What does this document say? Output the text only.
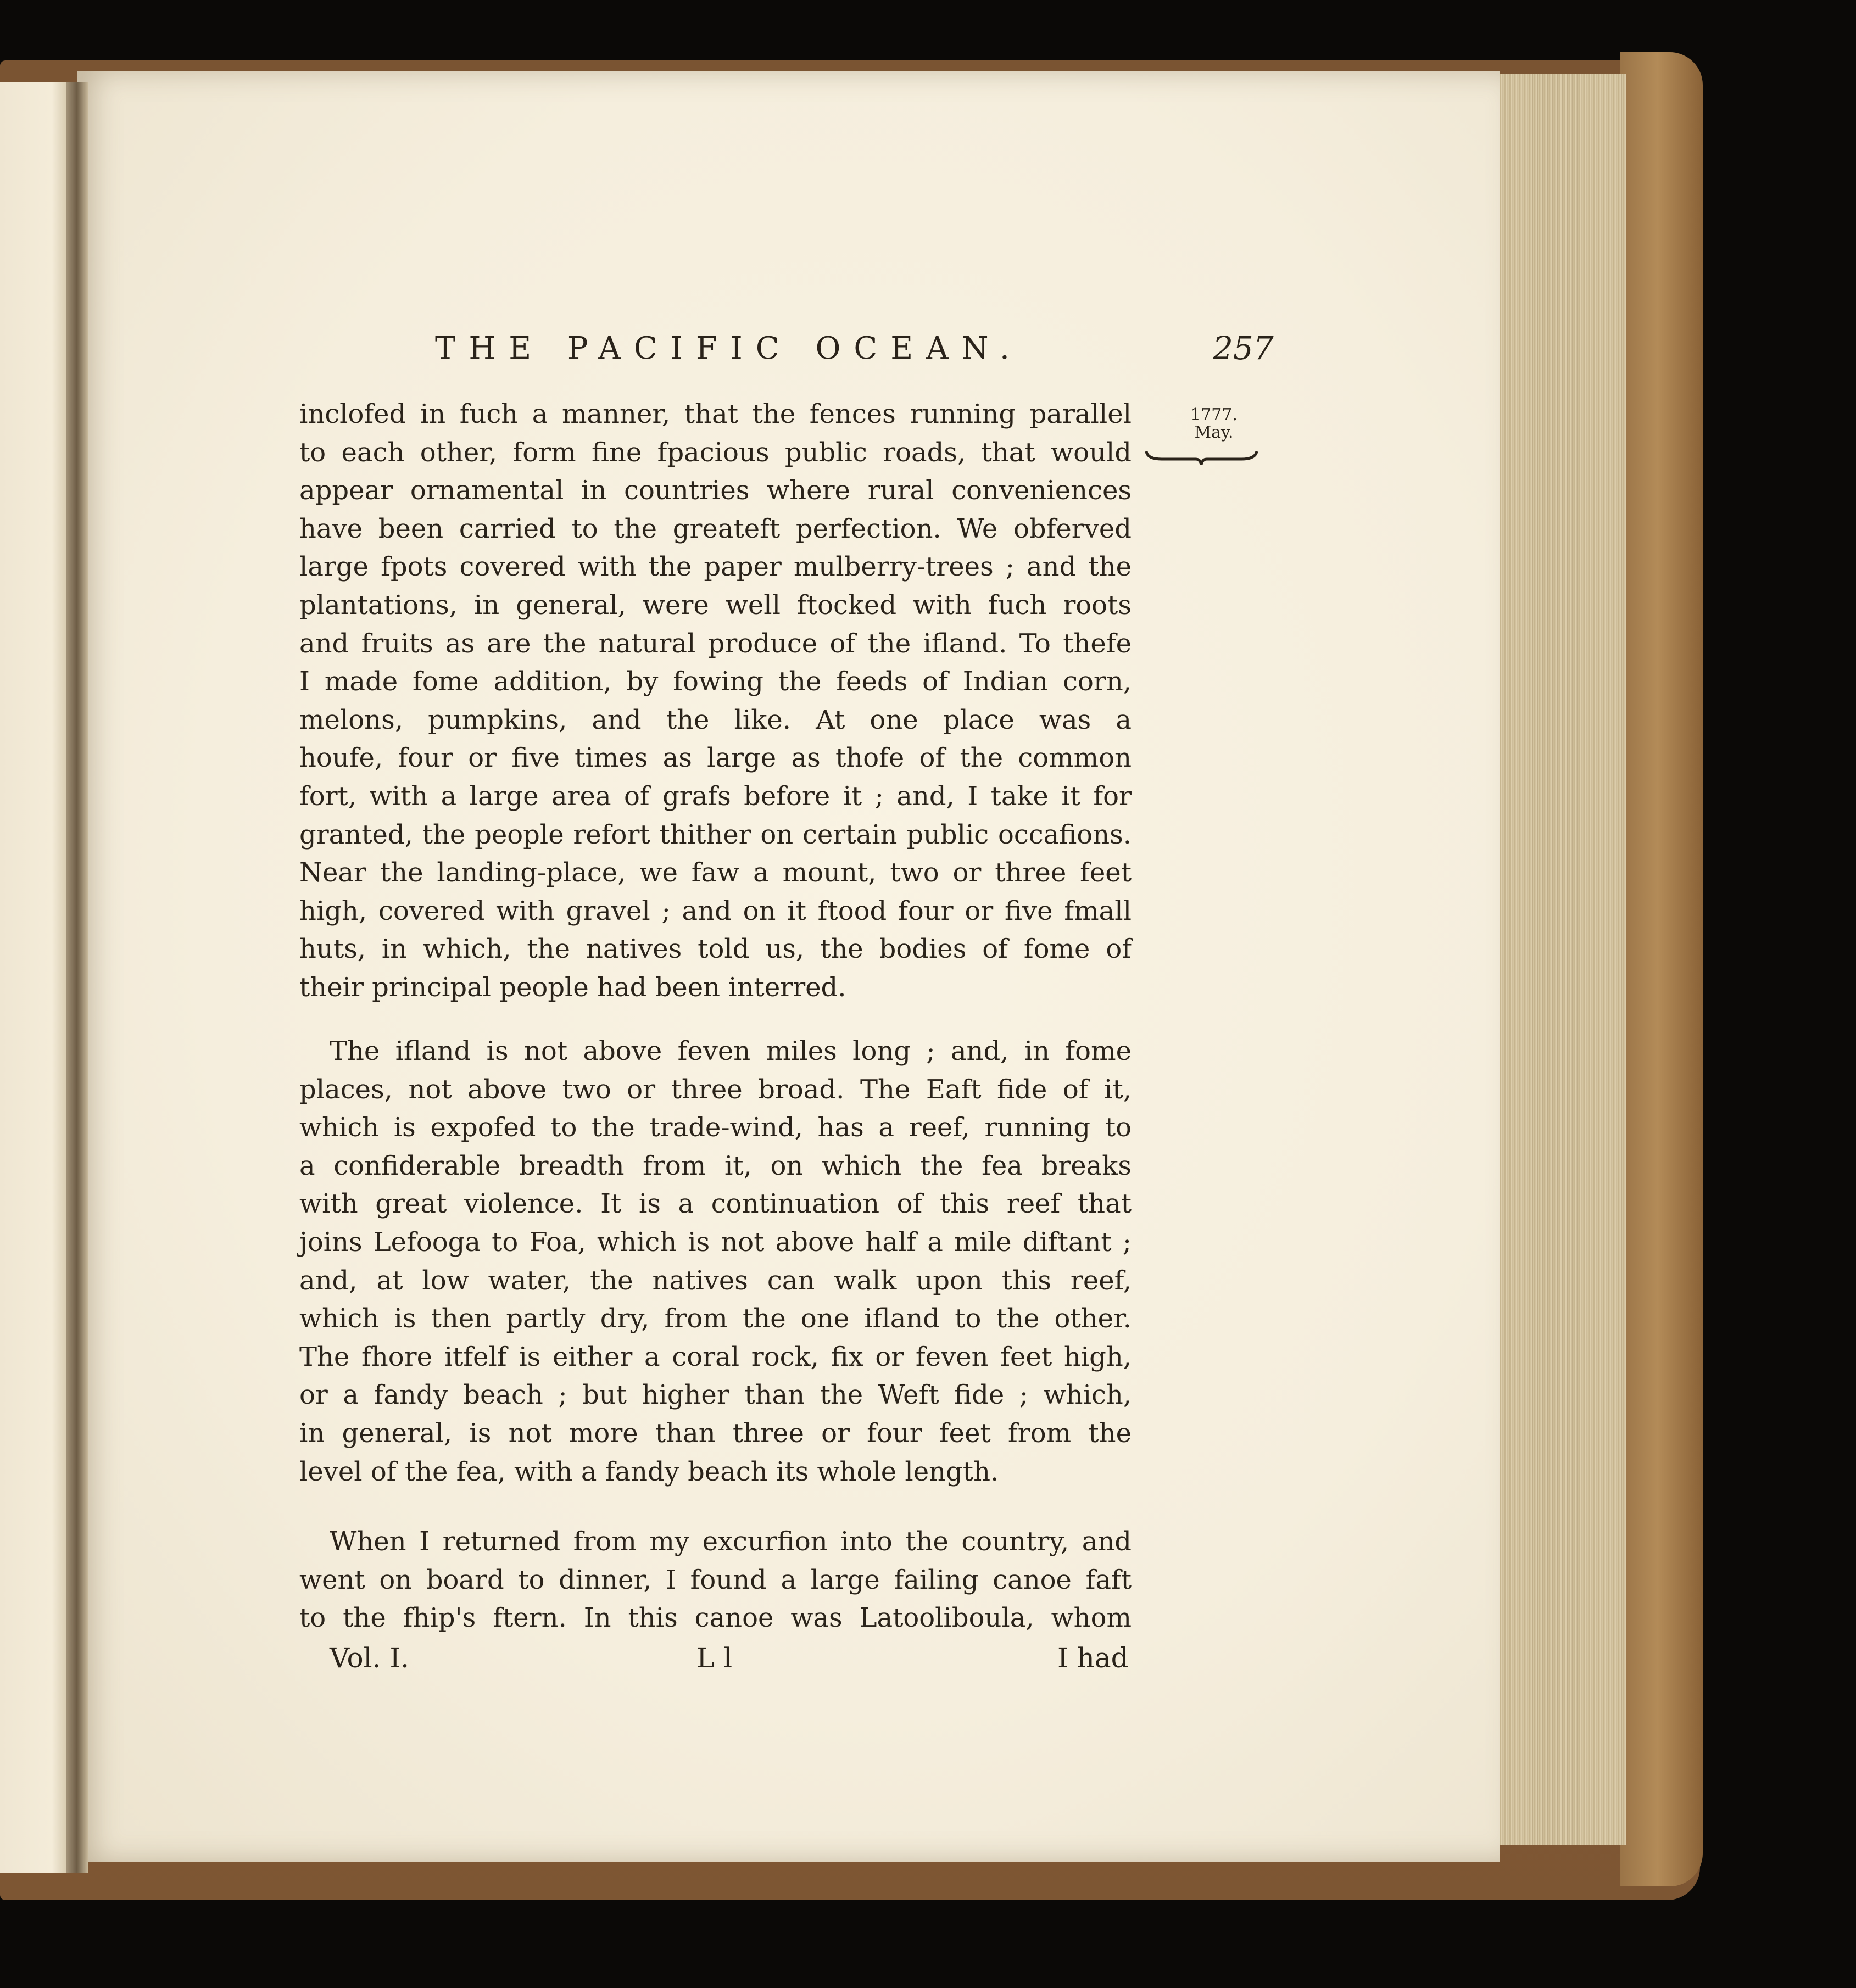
THE PACIFIC OCEAN.	257
1777.
May.
inclofed in fuch a manner, that the fences running parallel
to each other, form fine fpacious public roads, that would
appear ornamental in countries where rural conveniences
have been carried to the greateft perfection. We obferved
large fpots covered with the paper mulberry-trees ; and the
plantations, in general, were well ftocked with fuch roots
and fruits as are the natural produce of the ifland. To thefe
I made fome addition, by fowing the feeds of Indian corn,
melons, pumpkins, and the like. At one place was a
houfe, four or five times as large as thofe of the common
fort, with a large area of grafs before it ; and, I take it for
granted, the people refort thither on certain public occafions.
Near the landing-place, we faw a mount, two or three feet
high, covered with gravel ; and on it ftood four or five fmall
huts, in which, the natives told us, the bodies of fome of
their principal people had been interred.
The ifland is not above feven miles long ; and, in fome
places, not above two or three broad. The Eaft fide of it,
which is expofed to the trade-wind, has a reef, running to
a confiderable breadth from it, on which the fea breaks
with great violence. It is a continuation of this reef that
joins Lefooga to Foa, which is not above half a mile diftant ;
and, at low water, the natives can walk upon this reef,
which is then partly dry, from the one ifland to the other.
The fhore itfelf is either a coral rock, fix or feven feet high,
or a fandy beach ; but higher than the Weft fide ; which,
in general, is not more than three or four feet from the
level of the fea, with a fandy beach its whole length.
When I returned from my excurfion into the country, and
went on board to dinner, I found a large failing canoe faft
to the fhip's ftern. In this canoe was Latooliboula, whom
Vol. I.	L l	I had
